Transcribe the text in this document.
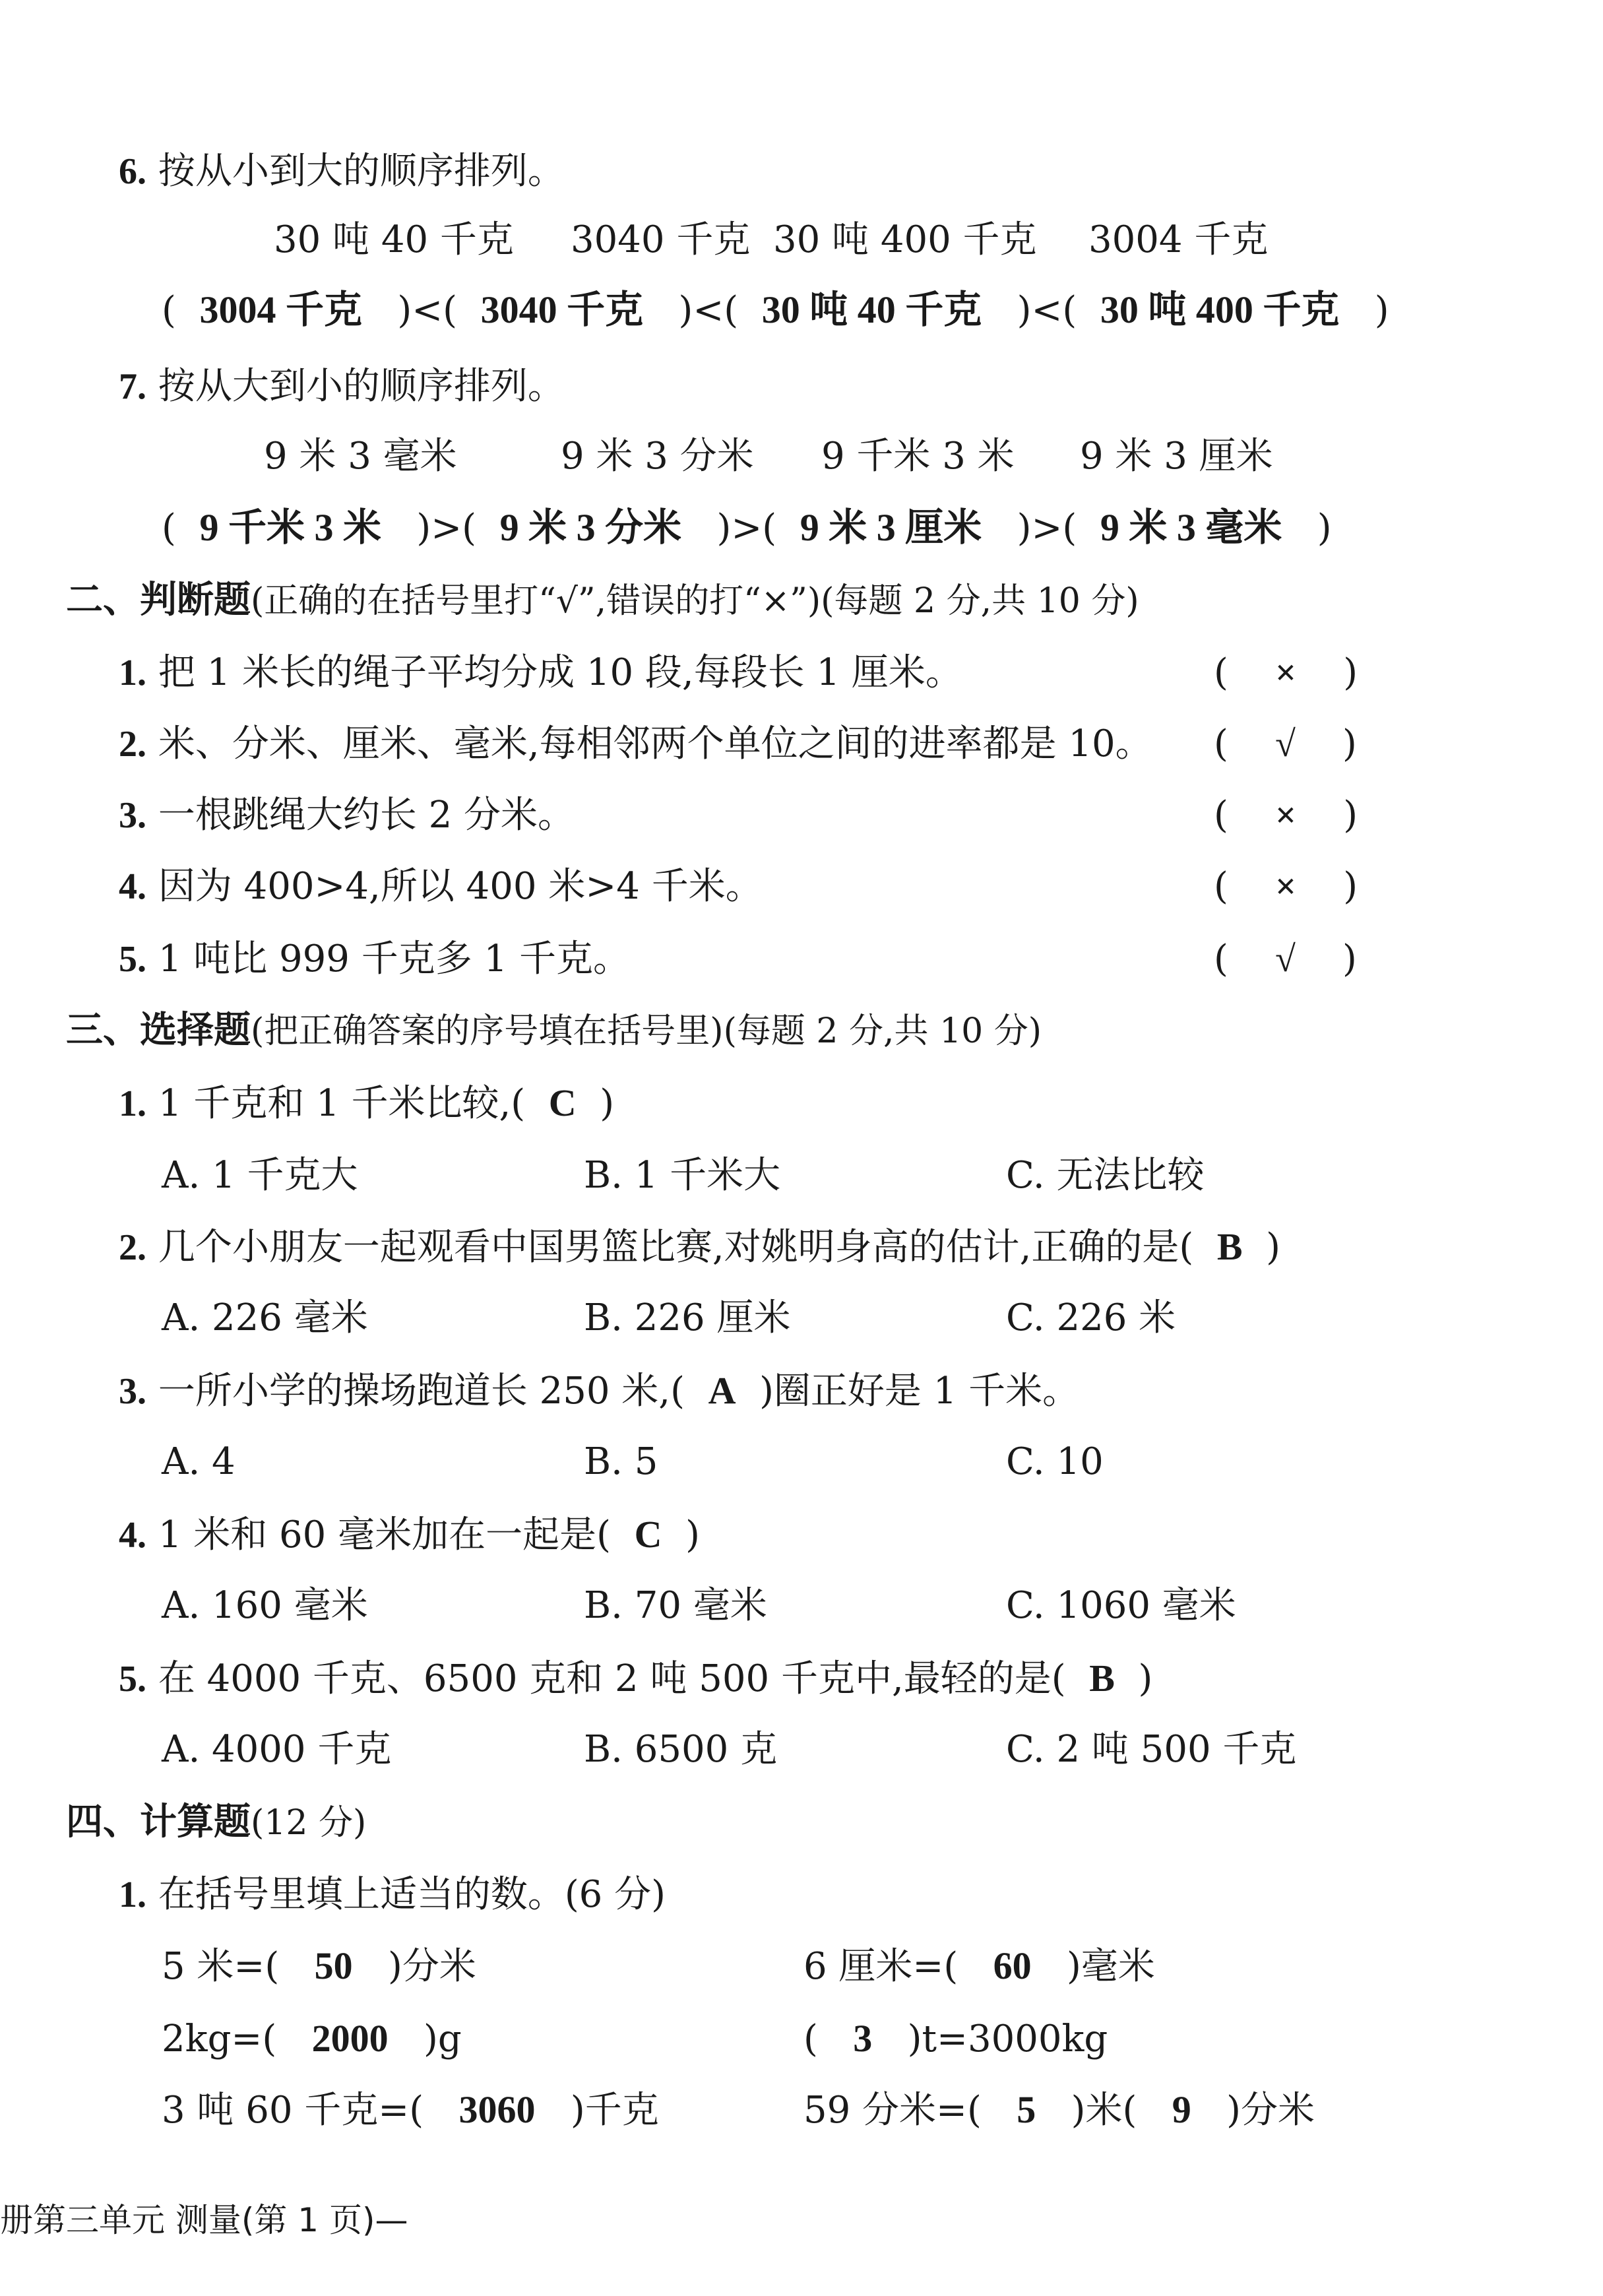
6. 按从小到大的顺序排列。
30 吨 40 千克 3040 千克 30 吨 400 千克 3004 千克
(  3004 千克   )<(  3040 千克   )<(  30 吨 40 千克   )<(  30 吨 400 千克   )
7. 按从大到小的顺序排列。
9 米 3 毫米	9 米 3 分米 9 千米 3 米 9 米 3 厘米
(  9 千米 3 米   )>(  9 米 3 分米   )>(  9 米 3 厘米   )>(  9 米 3 毫米   )
二、判断题(正确的在括号里打“√”,错误的打“×”)(每题 2 分,共 10 分)
1. 把 1 米长的绳子平均分成 10 段,每段长 1 厘米。	(    ×    )
2. 米、分米、厘米、毫米,每相邻两个单位之间的进率都是 10。 (    √    )
3. 一根跳绳大约长 2 分米。	(    ×    )
4. 因为 400>4,所以 400 米>4 千米。	(    ×    )
5. 1 吨比 999 千克多 1 千克。	(    √    )
三、选择题(把正确答案的序号填在括号里)(每题 2 分,共 10 分)
1. 1 千克和 1 千米比较,( C )
A. 1 千克大	B. 1 千米大	C. 无法比较
2. 几个小朋友一起观看中国男篮比赛,对姚明身高的估计,正确的是( B )
A. 226 毫米	B. 226 厘米	C. 226 米
3. 一所小学的操场跑道长 250 米,( A )圈正好是 1 千米。
A. 4	B. 5	C. 10
4. 1 米和 60 毫米加在一起是( C )
A. 160 毫米	B. 70 毫米	C. 1060 毫米
5. 在 4000 千克、6500 克和 2 吨 500 千克中,最轻的是( B )
A. 4000 千克	B. 6500 克	C. 2 吨 500 千克
四、计算题(12 分)
1. 在括号里填上适当的数。(6 分)
5 米=( 50 )分米	6 厘米=( 60 )毫米
2kg=( 2000 )g	( 3 )t=3000kg
3 吨 60 千克=( 3060 )千克	59 分米=( 5 )米( 9 )分米
册第三单元 测量(第 1 页)—
